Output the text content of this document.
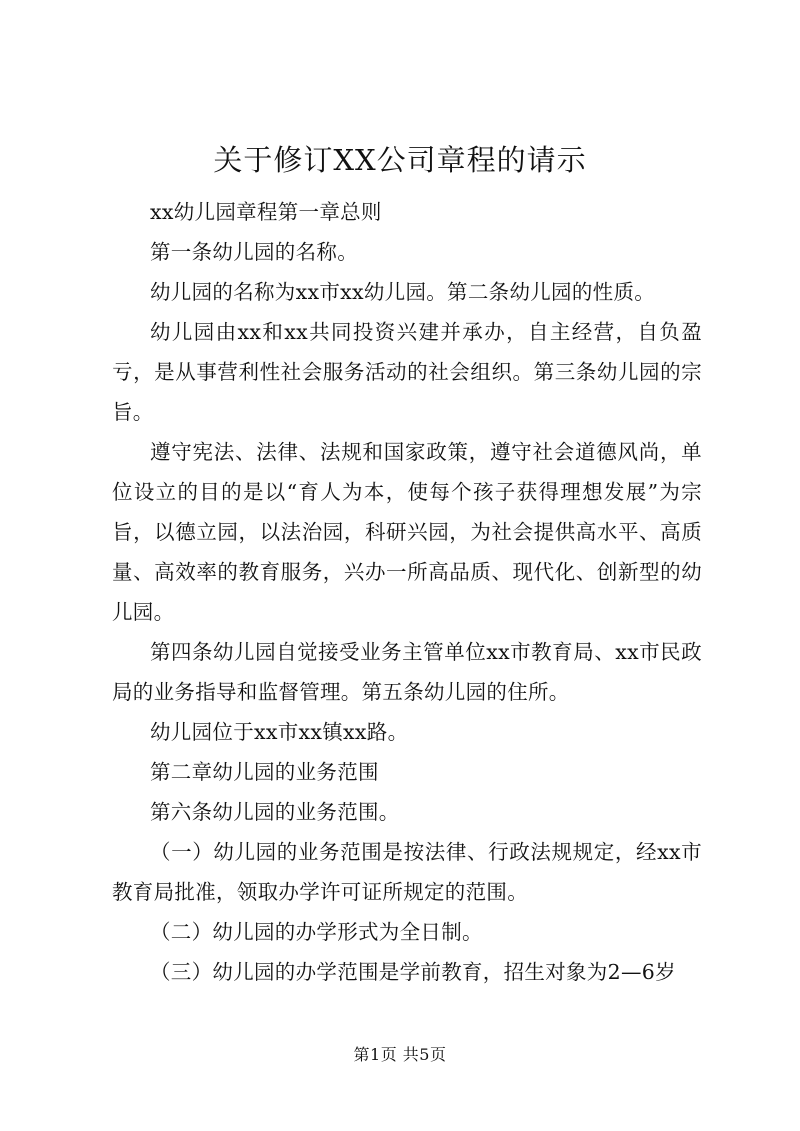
关于修订XX公司章程的请示

xx幼儿园章程第一章总则

第一条幼儿园的名称。

幼儿园的名称为xx市xx幼儿园。第二条幼儿园的性质。

幼儿园由xx和xx共同投资兴建并承办，自主经营，自负盈亏，是从事营利性社会服务活动的社会组织。第三条幼儿园的宗旨。

遵守宪法、法律、法规和国家政策，遵守社会道德风尚，单位设立的目的是以“育人为本，使每个孩子获得理想发展”为宗旨，以德立园，以法治园，科研兴园，为社会提供高水平、高质量、高效率的教育服务，兴办一所高品质、现代化、创新型的幼儿园。

第四条幼儿园自觉接受业务主管单位xx市教育局、xx市民政局的业务指导和监督管理。第五条幼儿园的住所。

幼儿园位于xx市xx镇xx路。

第二章幼儿园的业务范围

第六条幼儿园的业务范围。

（一）幼儿园的业务范围是按法律、行政法规规定，经xx市教育局批准，领取办学许可证所规定的范围。

（二）幼儿园的办学形式为全日制。

（三）幼儿园的办学范围是学前教育，招生对象为2—6岁

第1页 共5页
